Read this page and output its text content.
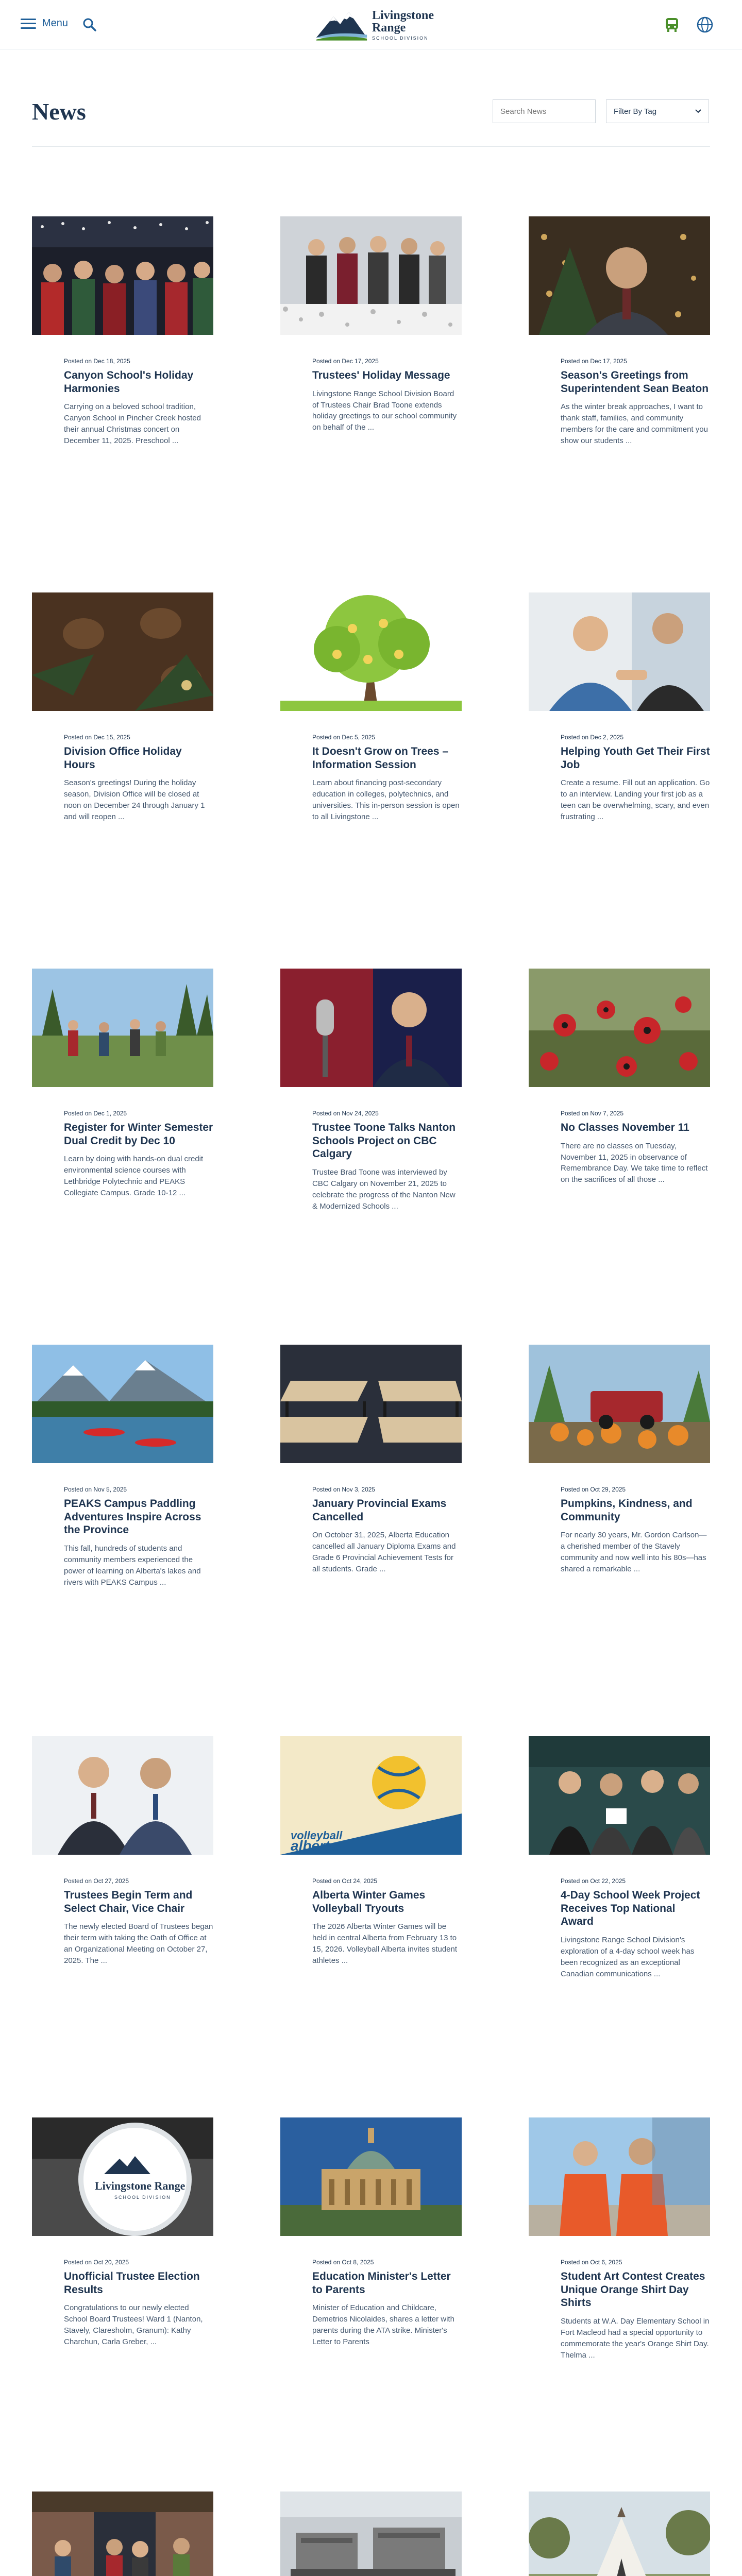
Menu
Livingstone
Range
SCHOOL DIVISION
News
Search News	Filter By Tag
Posted on Dec 18, 2025
Canyon School's Holiday Harmonies
Carrying on a beloved school tradition, Canyon School in Pincher Creek hosted their annual Christmas concert on December 11, 2025. Preschool ...
Posted on Dec 17, 2025
Trustees' Holiday Message
Livingstone Range School Division Board of Trustees Chair Brad Toone extends holiday greetings to our school community on behalf of the ...
Posted on Dec 17, 2025
Season's Greetings from Superintendent Sean Beaton
As the winter break approaches, I want to thank staff, families, and community members for the care and commitment you show our students ...
Posted on Dec 15, 2025
Division Office Holiday Hours
Season's greetings! During the holiday season, Division Office will be closed at noon on December 24 through January 1 and will reopen ...
Posted on Dec 5, 2025
It Doesn't Grow on Trees – Information Session
Learn about financing post-secondary education in colleges, polytechnics, and universities. This in-person session is open to all Livingstone ...
Posted on Dec 2, 2025
Helping Youth Get Their First Job
Create a resume. Fill out an application. Go to an interview. Landing your first job as a teen can be overwhelming, scary, and even frustrating ...
Posted on Dec 1, 2025
Register for Winter Semester Dual Credit by Dec 10
Learn by doing with hands-on dual credit environmental science courses with Lethbridge Polytechnic and PEAKS Collegiate Campus. Grade 10-12 ...
Posted on Nov 24, 2025
Trustee Toone Talks Nanton Schools Project on CBC Calgary
Trustee Brad Toone was interviewed by CBC Calgary on November 21, 2025 to celebrate the progress of the Nanton New & Modernized Schools ...
Posted on Nov 7, 2025
No Classes November 11
There are no classes on Tuesday, November 11, 2025 in observance of Remembrance Day. We take time to reflect on the sacrifices of all those ...
Posted on Nov 5, 2025
PEAKS Campus Paddling Adventures Inspire Across the Province
This fall, hundreds of students and community members experienced the power of learning on Alberta's lakes and rivers with PEAKS Campus ...
Posted on Nov 3, 2025
January Provincial Exams Cancelled
On October 31, 2025, Alberta Education cancelled all January Diploma Exams and Grade 6 Provincial Achievement Tests for all students. Grade ...
Posted on Oct 29, 2025
Pumpkins, Kindness, and Community
For nearly 30 years, Mr. Gordon Carlson—a cherished member of the Stavely community and now well into his 80s—has shared a remarkable ...
Posted on Oct 27, 2025
Trustees Begin Term and Select Chair, Vice Chair
The newly elected Board of Trustees began their term with taking the Oath of Office at an Organizational Meeting on October 27, 2025. The ...
volleyball
alberta
Posted on Oct 24, 2025
Alberta Winter Games Volleyball Tryouts
The 2026 Alberta Winter Games will be held in central Alberta from February 13 to 15, 2026. Volleyball Alberta invites student athletes ...
Posted on Oct 22, 2025
4-Day School Week Project Receives Top National Award
Livingstone Range School Division's exploration of a 4-day school week has been recognized as an exceptional Canadian communications ...
Livingstone Range
SCHOOL DIVISION
Posted on Oct 20, 2025
Unofficial Trustee Election Results
Congratulations to our newly elected School Board Trustees! Ward 1 (Nanton, Stavely, Claresholm, Granum): Kathy Charchun, Carla Greber, ...
Posted on Oct 8, 2025
Education Minister's Letter to Parents
Minister of Education and Childcare, Demetrios Nicolaides, shares a letter with parents during the ATA strike. Minister's Letter to Parents
Posted on Oct 6, 2025
Student Art Contest Creates Unique Orange Shirt Day Shirts
Students at W.A. Day Elementary School in Fort Macleod had a special opportunity to commemorate the year's Orange Shirt Day. Thelma ...
